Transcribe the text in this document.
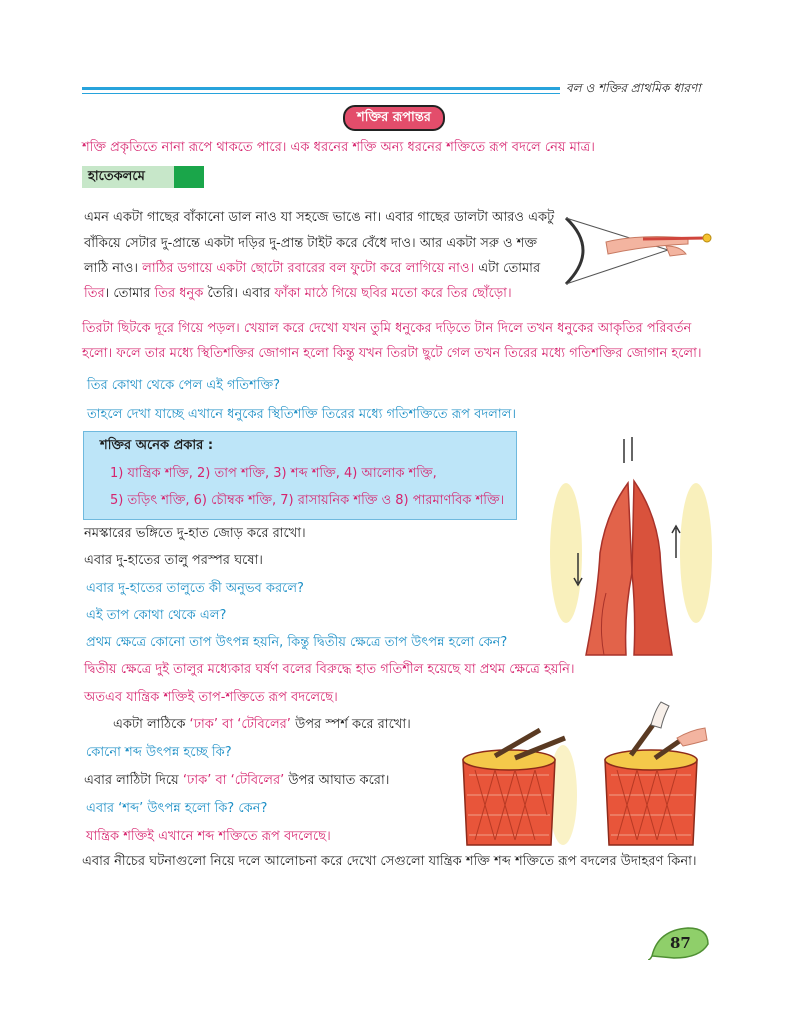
বল ও শক্তির প্রাথমিক ধারণা
শক্তির রূপান্তর
শক্তি প্রকৃতিতে নানা রূপে থাকতে পারে। এক ধরনের শক্তি অন্য ধরনের শক্তিতে রূপ বদলে নেয় মাত্র।
হাতেকলমে
এমন একটা গাছের বাঁকানো ডাল নাও যা সহজে ভাঙে না। এবার গাছের ডালটা আরও একটু
বাঁকিয়ে সেটার দু-প্রান্তে একটা দড়ির দু-প্রান্ত টাইট করে বেঁধে দাও। আর একটা সরু ও শক্ত
লাঠি নাও। লাঠির ডগায়ে একটা ছোটো রবারের বল ফুটো করে লাগিয়ে নাও। এটা তোমার
তির। তোমার তির ধনুক তৈরি। এবার ফাঁকা মাঠে গিয়ে ছবির মতো করে তির ছোঁড়ো।
তিরটা ছিটকে দূরে গিয়ে পড়ল। খেয়াল করে দেখো যখন তুমি ধনুকের দড়িতে টান দিলে তখন ধনুকের আকৃতির পরিবর্তন
হলো। ফলে তার মধ্যে স্থিতিশক্তির জোগান হলো কিন্তু যখন তিরটা ছুটে গেল তখন তিরের মধ্যে গতিশক্তির জোগান হলো।
তির কোথা থেকে পেল এই গতিশক্তি?
তাহলে দেখা যাচ্ছে এখানে ধনুকের স্থিতিশক্তি তিরের মধ্যে গতিশক্তিতে রূপ বদলাল।
শক্তির অনেক প্রকার :
1) যান্ত্রিক শক্তি, 2) তাপ শক্তি, 3) শব্দ শক্তি, 4) আলোক শক্তি,
5) তড়িৎ শক্তি, 6) চৌম্বক শক্তি, 7) রাসায়নিক শক্তি ও 8) পারমাণবিক শক্তি।
নমস্কারের ভঙ্গিতে দু-হাত জোড় করে রাখো।
এবার দু-হাতের তালু পরস্পর ঘষো।
এবার দু-হাতের তালুতে কী অনুভব করলে?
এই তাপ কোথা থেকে এল?
প্রথম ক্ষেত্রে কোনো তাপ উৎপন্ন হয়নি, কিন্তু দ্বিতীয় ক্ষেত্রে তাপ উৎপন্ন হলো কেন?
দ্বিতীয় ক্ষেত্রে দুই তালুর মধ্যেকার ঘর্ষণ বলের বিরুদ্ধে হাত গতিশীল হয়েছে যা প্রথম ক্ষেত্রে হয়নি।
অতএব যান্ত্রিক শক্তিই তাপ-শক্তিতে রূপ বদলেছে।
একটা লাঠিকে ‘ঢাক’ বা ‘টেবিলের’ উপর স্পর্শ করে রাখো।
কোনো শব্দ উৎপন্ন হচ্ছে কি?
এবার লাঠিটা দিয়ে ‘ঢাক’ বা ‘টেবিলের’ উপর আঘাত করো।
এবার ‘শব্দ’ উৎপন্ন হলো কি? কেন?
যান্ত্রিক শক্তিই এখানে শব্দ শক্তিতে রূপ বদলেছে।
এবার নীচের ঘটনাগুলো নিয়ে দলে আলোচনা করে দেখো সেগুলো যান্ত্রিক শক্তি শব্দ শক্তিতে রূপ বদলের উদাহরণ কিনা।
87
